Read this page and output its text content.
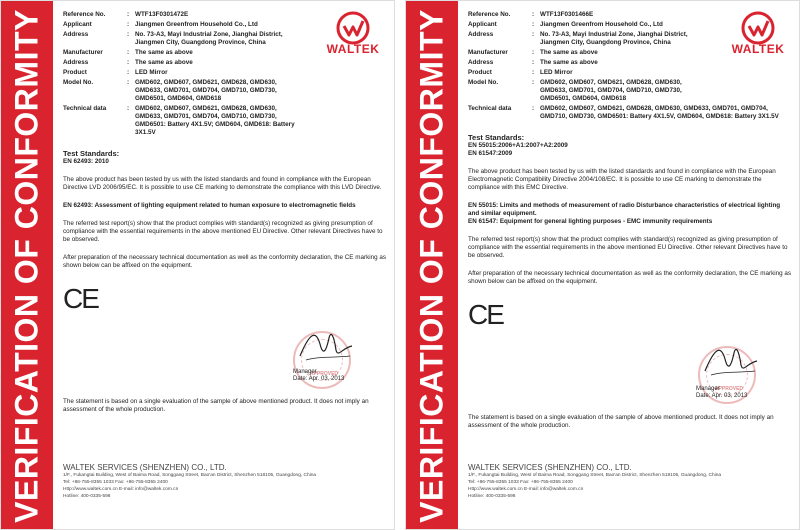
VERIFICATION OF CONFORMITY	WALTEK

Reference No.	: WTF13F0301472E
Applicant	: Jiangmen Greenfrom Household Co., Ltd
Address	: No. 73-A3, Mayi Industrial Zone, Jianghai District, Jiangmen City, Guangdong Province, China
Manufacturer	: The same as above
Address	: The same as above
Product	: LED Mirror
Model No.	: GMD602, GMD607, GMD621, GMD628, GMD630, GMD633, GMD701, GMD704, GMD710, GMD730, GMD6501, GMD604, GMD618
Technical data	: GMD602, GMD607, GMD621, GMD628, GMD630, GMD633, GMD701, GMD704, GMD710, GMD730, GMD6501: Battery 4X1.5V; GMD604, GMD618: Battery 3X1.5V
Test Standards:
EN 62493: 2010

The above product has been tested by us with the listed standards and found in compliance with the European Directive LVD 2006/95/EC. It is possible to use CE marking to demonstrate the compliance with this LVD Directive.

EN 62493: Assessment of lighting equipment related to human exposure to electromagnetic fields

The referred test report(s) show that the product complies with standard(s) recognized as giving presumption of compliance with the essential requirements in the above mentioned EU Directive. Other relevant Directives have to be observed.

After preparation of the necessary technical documentation as well as the conformity declaration, the CE marking as shown below can be affixed on the equipment.

CE
APPROVED
Manager
Date: Apr. 03, 2013
The statement is based on a single evaluation of the sample of above mentioned product. It does not imply an assessment of the whole production.
WALTEK SERVICES (SHENZHEN) CO., LTD.
1/F., Fukangtai Building, West of Baima Road, Songgang Street, Bao'an District, Shenzhen 518105, Guangdong, China
Tel: +86-755-8355 1033 Fax: +86-755-8355 2400
Http://www.waltek.com.cn E-mail: info@waltek.com.cn
Hotline: 400-0335-598	VERIFICATION OF CONFORMITY	WALTEK

Reference No.	: WTF13F0301466E
Applicant	: Jiangmen Greenfrom Household Co., Ltd
Address	: No. 73-A3, Mayi Industrial Zone, Jianghai District, Jiangmen City, Guangdong Province, China
Manufacturer	: The same as above
Address	: The same as above
Product	: LED Mirror
Model No.	: GMD602, GMD607, GMD621, GMD628, GMD630, GMD633, GMD701, GMD704, GMD710, GMD730, GMD6501, GMD604, GMD618
Technical data	: GMD602, GMD607, GMD621, GMD628, GMD630, GMD633, GMD701, GMD704, GMD710, GMD730, GMD6501: Battery 4X1.5V, GMD604, GMD618: Battery 3X1.5V
Test Standards:
EN 55015:2006+A1:2007+A2:2009
EN 61547:2009

The above product has been tested by us with the listed standards and found in compliance with the European Electromagnetic Compatibility Directive 2004/108/EC. It is possible to use CE marking to demonstrate the compliance with this EMC Directive.

EN 55015: Limits and methods of measurement of radio Disturbance characteristics of electrical lighting and similar equipment.

EN 61547: Equipment for general lighting purposes - EMC immunity requirements

The referred test report(s) show that the product complies with standard(s) recognized as giving presumption of compliance with the essential requirements in the above mentioned EU Directive. Other relevant Directives have to be observed.

After preparation of the necessary technical documentation as well as the conformity declaration, the CE marking as shown below can be affixed on the equipment.

CE
APPROVED
Manager
Date: Apr. 03, 2013
The statement is based on a single evaluation of the sample of above mentioned product. It does not imply an assessment of the whole production.
WALTEK SERVICES (SHENZHEN) CO., LTD.
1/F., Fukangtai Building, West of Baima Road, Songgang Street, Bao'an District, Shenzhen 518105, Guangdong, China
Tel: +86-755-8355 1033 Fax: +86-755-8355 2400
Http://www.waltek.com.cn E-mail: info@waltek.com.cn
Hotline: 400-0335-598
